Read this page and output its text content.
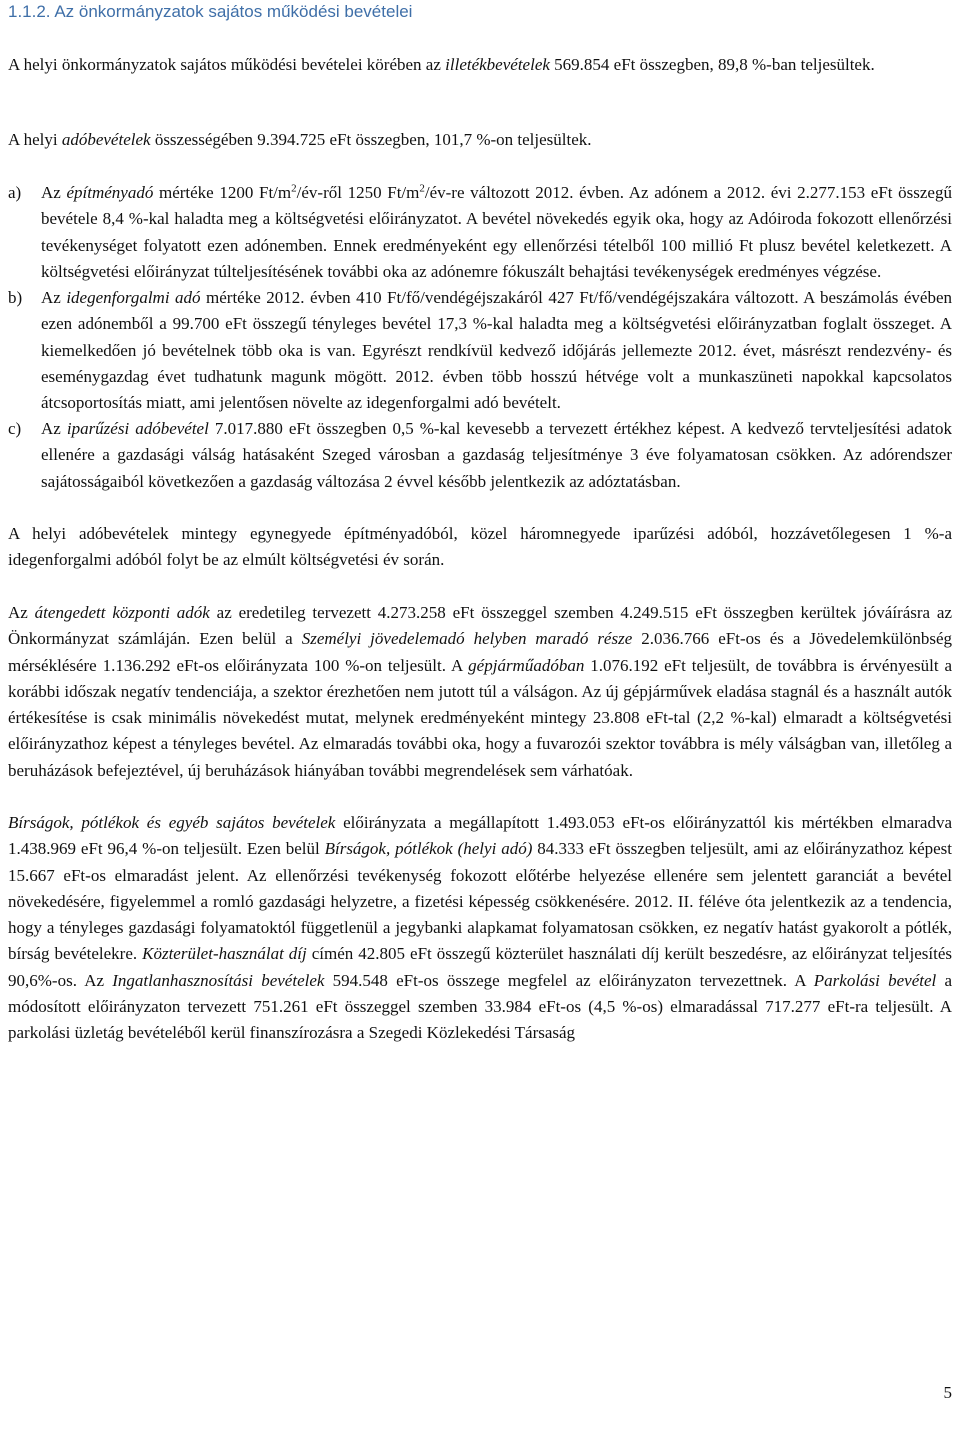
1.1.2. Az önkormányzatok sajátos működési bevételei

A helyi önkormányzatok sajátos működési bevételei körében az illetékbevételek 569.854 eFt összegben, 89,8 %-ban teljesültek.

A helyi adóbevételek összességében 9.394.725 eFt összegben, 101,7 %-on teljesültek.

a) Az építményadó mértéke 1200 $Ft/m^2/év$-ről 1250 $Ft/m^2/év-re$ változott 2012. évben. Az adónem a 2012. évi 2.277.153 eFt összegű bevétele 8,4 %-kal haladta meg a költségvetési előirányzatot. A bevétel növekedés egyik oka, hogy az Adóiroda fokozott ellenőrzési tevékenységet folyatott ezen adónemben. Ennek eredményeként egy ellenőrzési tételből 100 millió Ft plusz bevétel keletkezett. A költségvetési előirányzat túlteljesítésének további oka az adónemre fókuszált behajtási tevékenységek eredményes végzése.
b) Az idegenforgalmi adó mértéke 2012. évben 410 Ft/fő/vendégéjszakáról 427 Ft/fő/vendégéjszakára változott. A beszámolás évében ezen adónemből a 99.700 eFt összegű tényleges bevétel 17,3 %-kal haladta meg a költségvetési előirányzatban foglalt összeget. A kiemelkedően jó bevételnek több oka is van. Egyrészt rendkívül kedvező időjárás jellemezte 2012. évet, másrészt rendezvény- és eseménygazdag évet tudhatunk magunk mögött. 2012. évben több hosszú hétvége volt a munkaszüneti napokkal kapcsolatos átcsoportosítás miatt, ami jelentősen növelte az idegenforgalmi adó bevételt.
c) Az iparűzési adóbevétel 7.017.880 eFt összegben 0,5 %-kal kevesebb a tervezett értékhez képest. A kedvező tervteljesítési adatok ellenére a gazdasági válság hatásaként Szeged városban a gazdaság teljesítménye 3 éve folyamatosan csökken. Az adórendszer sajátosságaiból következően a gazdaság változása 2 évvel később jelentkezik az adóztatásban.

A helyi adóbevételek mintegy egynegyede építményadóból, közel háromnegyede iparűzési adóból, hozzávetőlegesen 1 %-a idegenforgalmi adóból folyt be az elmúlt költségvetési év során.

Az átengedett központi adók az eredetileg tervezett 4.273.258 eFt összeggel szemben 4.249.515 eFt összegben kerültek jóváírásra az Önkormányzat számláján. Ezen belül a Személyi jövedelemadó helyben maradó része 2.036.766 eFt-os és a Jövedelemkülönbség mérséklésére 1.136.292 eFt-os előirányzata 100 %-on teljesült. A gépjárműadóban 1.076.192 eFt teljesült, de továbbra is érvényesült a korábbi időszak negatív tendenciája, a szektor érezhetően nem jutott túl a válságon. Az új gépjárművek eladása stagnál és a használt autók értékesítése is csak minimális növekedést mutat, melynek eredményeként mintegy 23.808 eFt-tal (2,2 %-kal) elmaradt a költségvetési előirányzathoz képest a tényleges bevétel. Az elmaradás további oka, hogy a fuvarozói szektor továbbra is mély válságban van, illetőleg a beruházások befejeztével, új beruházások hiányában további megrendelések sem várhatóak.

Bírságok, pótlékok és egyéb sajátos bevételek előirányzata a megállapított 1.493.053 eFt-os előirányzattól kis mértékben elmaradva 1.438.969 eFt 96,4 %-on teljesült. Ezen belül Bírságok, pótlékok (helyi adó) 84.333 eFt összegben teljesült, ami az előirányzathoz képest 15.667 eFt-os elmaradást jelent. Az ellenőrzési tevékenység fokozott előtérbe helyezése ellenére sem jelentett garanciát a bevétel növekedésére, figyelemmel a romló gazdasági helyzetre, a fizetési képesség csökkenésére. 2012. II. féléve óta jelentkezik az a tendencia, hogy a tényleges gazdasági folyamatoktól függetlenül a jegybanki alapkamat folyamatosan csökken, ez negatív hatást gyakorolt a pótlék, bírság bevételekre. Közterület-használat díj címén 42.805 eFt összegű közterület használati díj került beszedésre, az előirányzat teljesítés 90,6%-os. Az Ingatlanhasznosítási bevételek 594.548 eFt-os összege megfelel az előirányzaton tervezettnek. A Parkolási bevétel a módosított előirányzaton tervezett 751.261 eFt összeggel szemben 33.984 eFt-os (4,5 %-os) elmaradással 717.277 eFt-ra teljesült. A parkolási üzletág bevételéből kerül finanszírozásra a Szegedi Közlekedési Társaság

5
